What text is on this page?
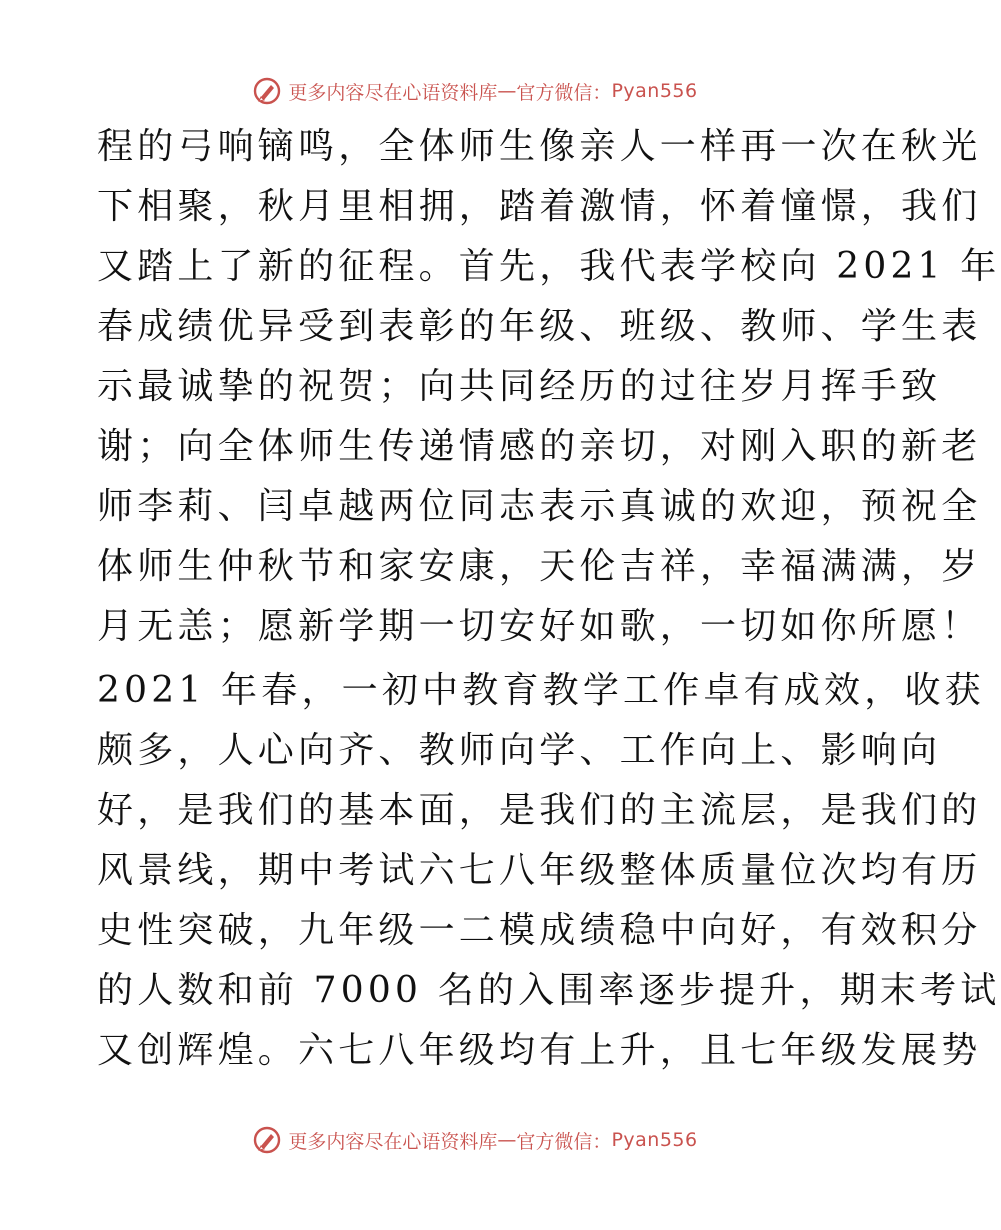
更多内容尽在心语资料库 — 官方微信： Pyan556
程的弓响镝鸣，全体师生像亲人一样再一次在秋光
下相聚，秋月里相拥，踏着激情，怀着憧憬，我们
又踏上了新的征程。首先，我代表学校向 2021 年
春成绩优异受到表彰的年级、班级、教师、学生表
示最诚挚的祝贺；向共同经历的过往岁月挥手致
谢；向全体师生传递情感的亲切，对刚入职的新老
师李莉、闫卓越两位同志表示真诚的欢迎，预祝全
体师生仲秋节和家安康，天伦吉祥，幸福满满，岁
月无恙；愿新学期一切安好如歌，一切如你所愿！
2021 年春，一初中教育教学工作卓有成效，收获
颇多，人心向齐、教师向学、工作向上、影响向
好，是我们的基本面，是我们的主流层，是我们的
风景线，期中考试六七八年级整体质量位次均有历
史性突破，九年级一二模成绩稳中向好，有效积分
的人数和前 7000 名的入围率逐步提升，期末考试
又创辉煌。六七八年级均有上升，且七年级发展势
更多内容尽在心语资料库 — 官方微信： Pyan556
